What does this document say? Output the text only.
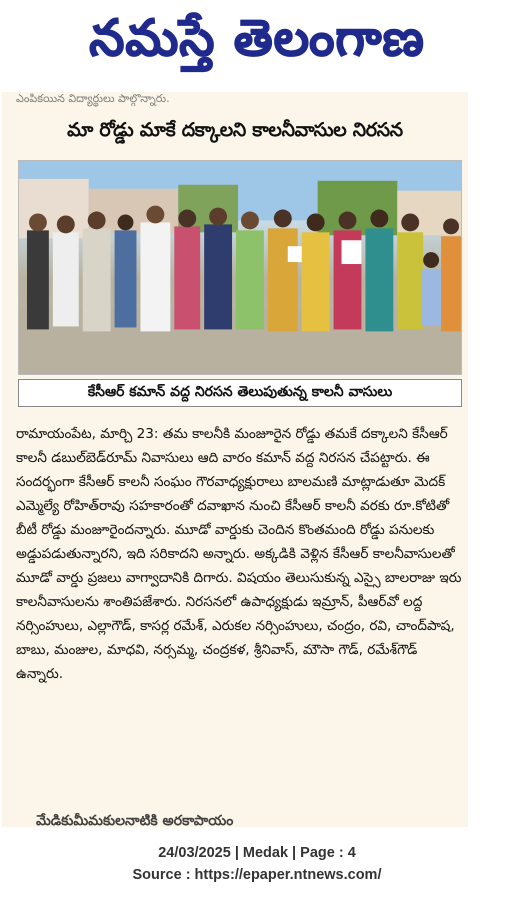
నమస్తే తెలంగాణ
ఎంపికయిన విద్యార్థులు పాల్గొన్నారు.
మా రోడ్డు మాకే దక్కాలని కాలనీవాసుల నిరసన
కేసీఆర్ కమాన్ వద్ద నిరసన తెలుపుతున్న కాలనీ వాసులు
రామాయంపేట, మార్చి 23: తమ కాలనీకి మంజూరైన రోడ్డు తమకే దక్కాలని కేసీఆర్ కాలనీ డబుల్‌బెడ్‌రూమ్ నివాసులు ఆది వారం కమాన్ వద్ద నిరసన చేపట్టారు. ఈ సందర్భంగా కేసీఆర్ కాలనీ సంఘం గౌరవాధ్యక్షురాలు బాలమణి మాట్లాడుతూ మెదక్ ఎమ్మెల్యే రోహిత్‌రావు సహకారంతో దవాఖాన నుంచి కేసీఆర్ కాలనీ వరకు రూ.కోటితో బీటీ రోడ్డు మంజూరైందన్నారు. మూడో వార్డుకు చెందిన కొంతమంది రోడ్డు పనులకు అడ్డుపడుతున్నారని, ఇది సరికాదని అన్నారు. అక్కడికి వెళ్లిన కేసీఆర్ కాలనీవాసులతో మూడో వార్డు ప్రజలు వాగ్వాదానికి దిగారు. విషయం తెలుసుకున్న ఎస్సై బాలరాజు ఇరు కాలనీవాసులను శాంతిపజేశారు. నిరసనలో ఉపాధ్యక్షుడు ఇమ్రాన్, పీఆర్‌వో లద్ద నర్సింహులు, ఎల్లాగౌడ్, కాసర్ల రమేశ్, ఎరుకల నర్సింహులు, చంద్రం, రవి, చాంద్‌పాష, బాబు, మంజుల, మాధవి, నర్సమ్మ, చంద్రకళ, శ్రీనివాస్, మౌసా గౌడ్, రమేశ్‌గౌడ్ ఉన్నారు.
మేడికుమీమకులనాటికి అరకాపాయం
24/03/2025 | Medak | Page : 4
Source : https://epaper.ntnews.com/
